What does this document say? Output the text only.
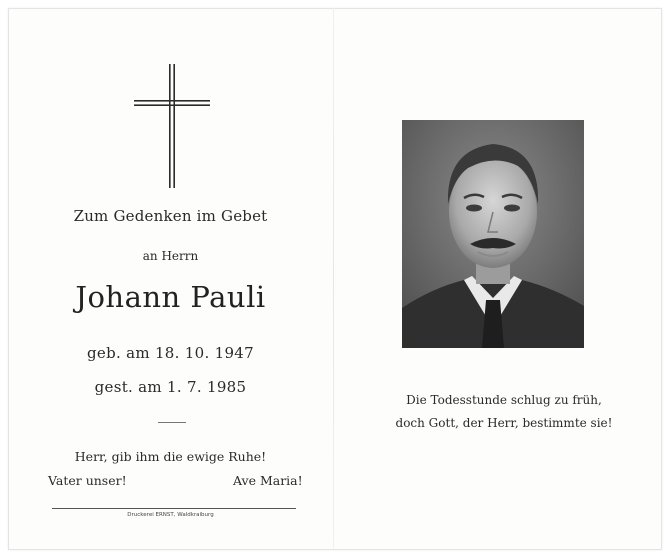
Zum Gedenken im Gebet
an Herrn
Johann Pauli
geb. am 18. 10. 1947
gest. am 1. 7. 1985
Herr, gib ihm die ewige Ruhe!
Vater unser!	Ave Maria!
Druckerei ERNST, Waldkraiburg
Die Todesstunde schlug zu früh,
doch Gott, der Herr, bestimmte sie!
